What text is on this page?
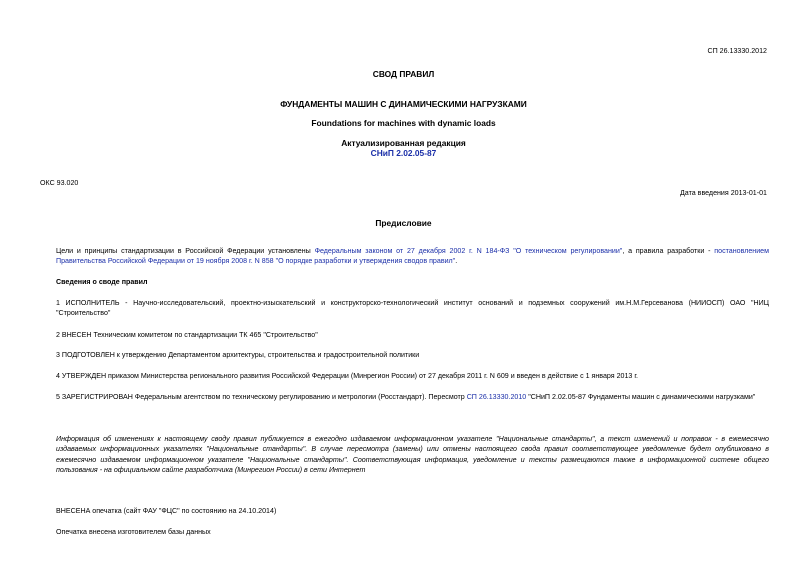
СП 26.13330.2012
СВОД ПРАВИЛ
ФУНДАМЕНТЫ МАШИН С ДИНАМИЧЕСКИМИ НАГРУЗКАМИ
Foundations for machines with dynamic loads
Актуализированная редакция
СНиП 2.02.05-87
ОКС 93.020
Дата введения 2013-01-01
Предисловие
Цели и принципы стандартизации в Российской Федерации установлены Федеральным законом от 27 декабря 2002 г. N 184-ФЗ "О техническом регулировании", а правила разработки - постановлением Правительства Российской Федерации от 19 ноября 2008 г. N 858 "О порядке разработки и утверждения сводов правил".
Сведения о своде правил
1 ИСПОЛНИТЕЛЬ - Научно-исследовательский, проектно-изыскательский и конструкторско-технологический институт оснований и подземных сооружений им.Н.М.Герсеванова (НИИОСП) ОАО "НИЦ "Строительство"
2 ВНЕСЕН Техническим комитетом по стандартизации ТК 465 "Строительство"
3 ПОДГОТОВЛЕН к утверждению Департаментом архитектуры, строительства и градостроительной политики
4 УТВЕРЖДЕН приказом Министерства регионального развития Российской Федерации (Минрегион России) от 27 декабря 2011 г. N 609 и введен в действие с 1 января 2013 г.
5 ЗАРЕГИСТРИРОВАН Федеральным агентством по техническому регулированию и метрологии (Росстандарт). Пересмотр СП 26.13330.2010 "СНиП 2.02.05-87 Фундаменты машин с динамическими нагрузками"
Информация об изменениях к настоящему своду правил публикуется в ежегодно издаваемом информационном указателе "Национальные стандарты", а текст изменений и поправок - в ежемесячно издаваемых информационных указателях "Национальные стандарты". В случае пересмотра (замены) или отмены настоящего свода правил соответствующее уведомление будет опубликовано в ежемесячно издаваемом информационном указателе "Национальные стандарты". Соответствующая информация, уведомление и тексты размещаются также в информационной системе общего пользования - на официальном сайте разработчика (Минрегион России) в сети Интернет
ВНЕСЕНА опечатка (сайт ФАУ "ФЦС" по состоянию на 24.10.2014)
Опечатка внесена изготовителем базы данных
